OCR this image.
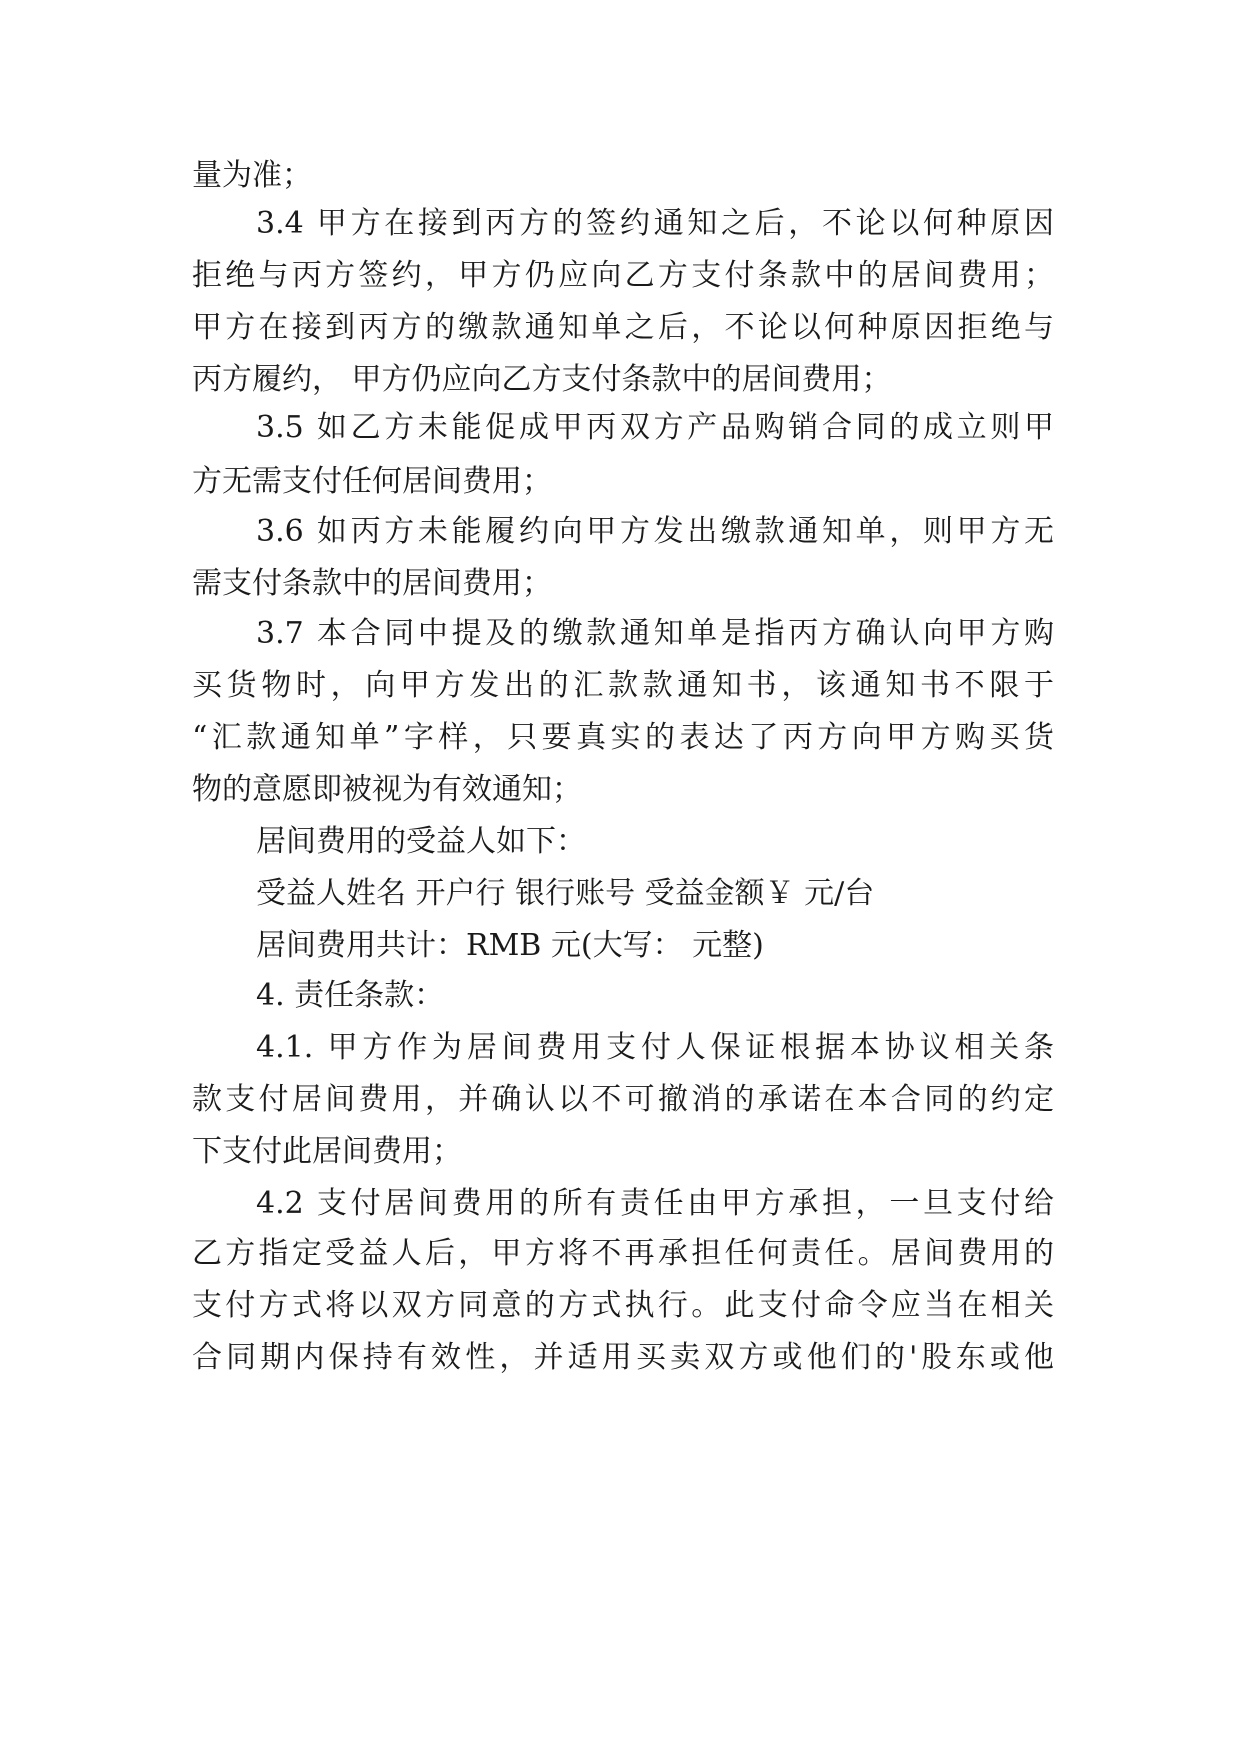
量为准；

3.4 甲方在接到丙方的签约通知之后，不论以何种原因

拒绝与丙方签约，甲方仍应向乙方支付条款中的居间费用；

甲方在接到丙方的缴款通知单之后，不论以何种原因拒绝与

丙方履约， 甲方仍应向乙方支付条款中的居间费用；

3.5 如乙方未能促成甲丙双方产品购销合同的成立则甲

方无需支付任何居间费用；

3.6 如丙方未能履约向甲方发出缴款通知单，则甲方无

需支付条款中的居间费用；

3.7 本合同中提及的缴款通知单是指丙方确认向甲方购

买货物时，向甲方发出的汇款款通知书，该通知书不限于

“汇款通知单”字样，只要真实的表达了丙方向甲方购买货

物的意愿即被视为有效通知；

居间费用的受益人如下：

受益人姓名 开户行 银行账号 受益金额￥ 元/台

居间费用共计：RMB 元(大写： 元整)

4. 责任条款：

4.1. 甲方作为居间费用支付人保证根据本协议相关条

款支付居间费用，并确认以不可撤消的承诺在本合同的约定

下支付此居间费用；

4.2 支付居间费用的所有责任由甲方承担，一旦支付给

乙方指定受益人后，甲方将不再承担任何责任。居间费用的

支付方式将以双方同意的方式执行。此支付命令应当在相关

合同期内保持有效性，并适用买卖双方或他们的'股东或他
